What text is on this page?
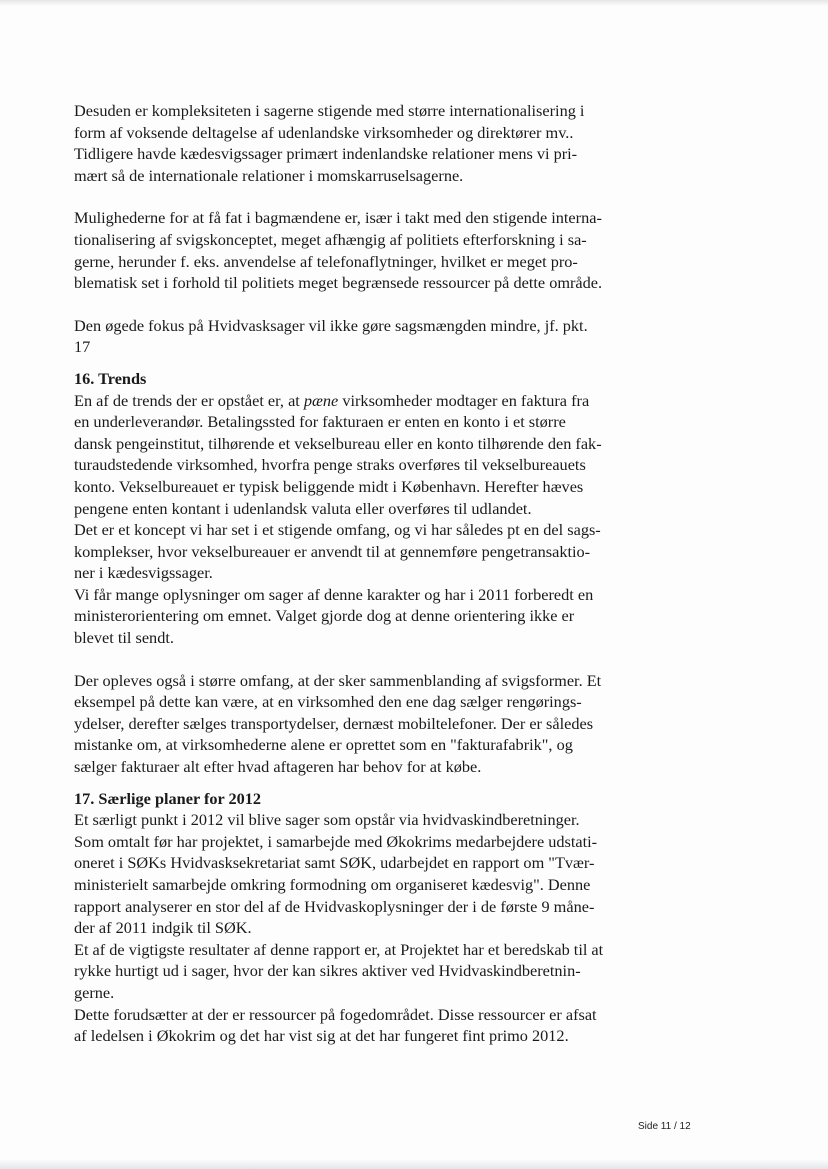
Desuden er kompleksiteten i sagerne stigende med større internationalisering i
form af voksende deltagelse af udenlandske virksomheder og direktører mv..
Tidligere havde kædesvigssager primært indenlandske relationer mens vi pri-
mært så de internationale relationer i momskarruselsagerne.

Mulighederne for at få fat i bagmændene er, især i takt med den stigende interna-
tionalisering af svigskonceptet, meget afhængig af politiets efterforskning i sa-
gerne, herunder f. eks. anvendelse af telefonaflytninger, hvilket er meget pro-
blematisk set i forhold til politiets meget begrænsede ressourcer på dette område.

Den øgede fokus på Hvidvasksager vil ikke gøre sagsmængden mindre, jf. pkt.
17

16. Trends

En af de trends der er opstået er, at pæne virksomheder modtager en faktura fra
en underleverandør. Betalingssted for fakturaen er enten en konto i et større
dansk pengeinstitut, tilhørende et vekselbureau eller en konto tilhørende den fak-
turaudstedende virksomhed, hvorfra penge straks overføres til vekselbureauets
konto. Vekselbureauet er typisk beliggende midt i København. Herefter hæves
pengene enten kontant i udenlandsk valuta eller overføres til udlandet.

Det er et koncept vi har set i et stigende omfang, og vi har således pt en del sags-
komplekser, hvor vekselbureauer er anvendt til at gennemføre pengetransaktio-
ner i kædesvigssager.

Vi får mange oplysninger om sager af denne karakter og har i 2011 forberedt en
ministerorientering om emnet. Valget gjorde dog at denne orientering ikke er
blevet til sendt.

Der opleves også i større omfang, at der sker sammenblanding af svigsformer. Et
eksempel på dette kan være, at en virksomhed den ene dag sælger rengørings-
ydelser, derefter sælges transportydelser, dernæst mobiltelefoner. Der er således
mistanke om, at virksomhederne alene er oprettet som en "fakturafabrik", og
sælger fakturaer alt efter hvad aftageren har behov for at købe.

17. Særlige planer for 2012

Et særligt punkt i 2012 vil blive sager som opstår via hvidvaskindberetninger.
Som omtalt før har projektet, i samarbejde med Økokrims medarbejdere udstati-
oneret i SØKs Hvidvasksekretariat samt SØK, udarbejdet en rapport om "Tvær-
ministerielt samarbejde omkring formodning om organiseret kædesvig". Denne
rapport analyserer en stor del af de Hvidvaskoplysninger der i de første 9 måne-
der af 2011 indgik til SØK.

Et af de vigtigste resultater af denne rapport er, at Projektet har et beredskab til at
rykke hurtigt ud i sager, hvor der kan sikres aktiver ved Hvidvaskindberetnin-
gerne.

Dette forudsætter at der er ressourcer på fogedområdet. Disse ressourcer er afsat
af ledelsen i Økokrim og det har vist sig at det har fungeret fint primo 2012.

Side 11 / 12
